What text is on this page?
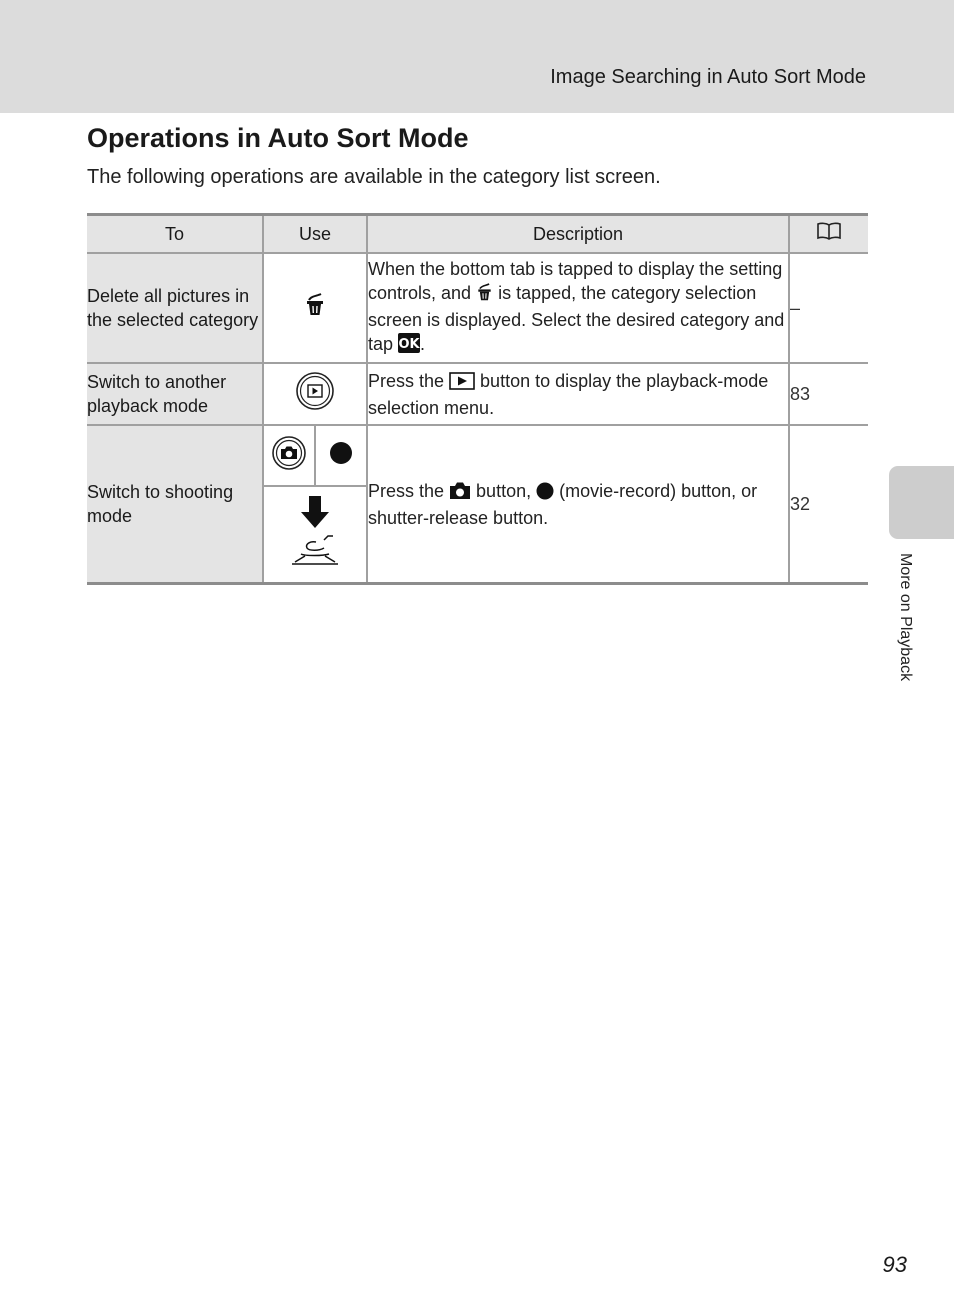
Image Searching in Auto Sort Mode
Operations in Auto Sort Mode
The following operations are available in the category list screen.
To	Use	Description	
Delete all pictures in the selected category		When the bottom tab is tapped to display the setting controls, and  is tapped, the category selection screen is displayed. Select the desired category and tap OK .	–
Switch to another playback mode		Press the  button to display the playback-mode selection menu.	83
Switch to shooting mode		Press the  button,  (movie-record) button, or shutter-release button.	32
More on Playback
93
